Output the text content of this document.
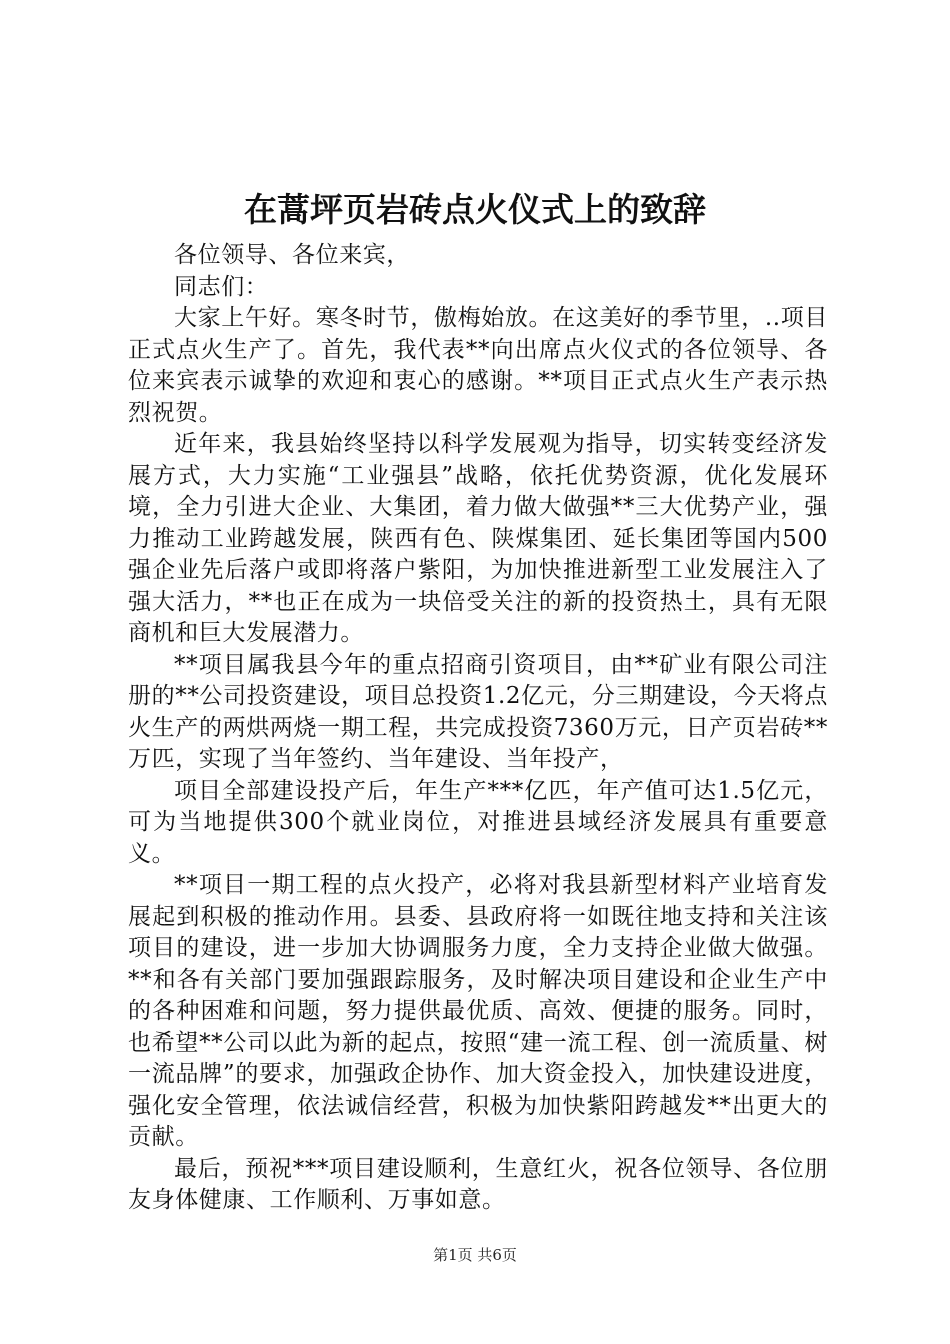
在蒿坪页岩砖点火仪式上的致辞

各位领导、各位来宾，

同志们：

大家上午好。寒冬时节，傲梅始放。在这美好的季节里，..项目正式点火生产了。首先，我代表**向出席点火仪式的各位领导、各位来宾表示诚挚的欢迎和衷心的感谢。**项目正式点火生产表示热烈祝贺。

近年来，我县始终坚持以科学发展观为指导，切实转变经济发展方式，大力实施“工业强县”战略，依托优势资源，优化发展环境，全力引进大企业、大集团，着力做大做强**三大优势产业，强力推动工业跨越发展，陕西有色、陕煤集团、延长集团等国内500强企业先后落户或即将落户紫阳，为加快推进新型工业发展注入了强大活力，**也正在成为一块倍受关注的新的投资热土，具有无限商机和巨大发展潜力。

**项目属我县今年的重点招商引资项目，由**矿业有限公司注册的**公司投资建设，项目总投资1.2亿元，分三期建设，今天将点火生产的两烘两烧一期工程，共完成投资7360万元，日产页岩砖**万匹，实现了当年签约、当年建设、当年投产，

项目全部建设投产后，年生产***亿匹，年产值可达1.5亿元，可为当地提供300个就业岗位，对推进县域经济发展具有重要意义。

**项目一期工程的点火投产，必将对我县新型材料产业培育发展起到积极的推动作用。县委、县政府将一如既往地支持和关注该项目的建设，进一步加大协调服务力度，全力支持企业做大做强。**和各有关部门要加强跟踪服务，及时解决项目建设和企业生产中的各种困难和问题，努力提供最优质、高效、便捷的服务。同时，也希望**公司以此为新的起点，按照“建一流工程、创一流质量、树一流品牌”的要求，加强政企协作、加大资金投入，加快建设进度，强化安全管理，依法诚信经营，积极为加快紫阳跨越发**出更大的贡献。

最后，预祝***项目建设顺利，生意红火，祝各位领导、各位朋友身体健康、工作顺利、万事如意。

第1页 共6页
